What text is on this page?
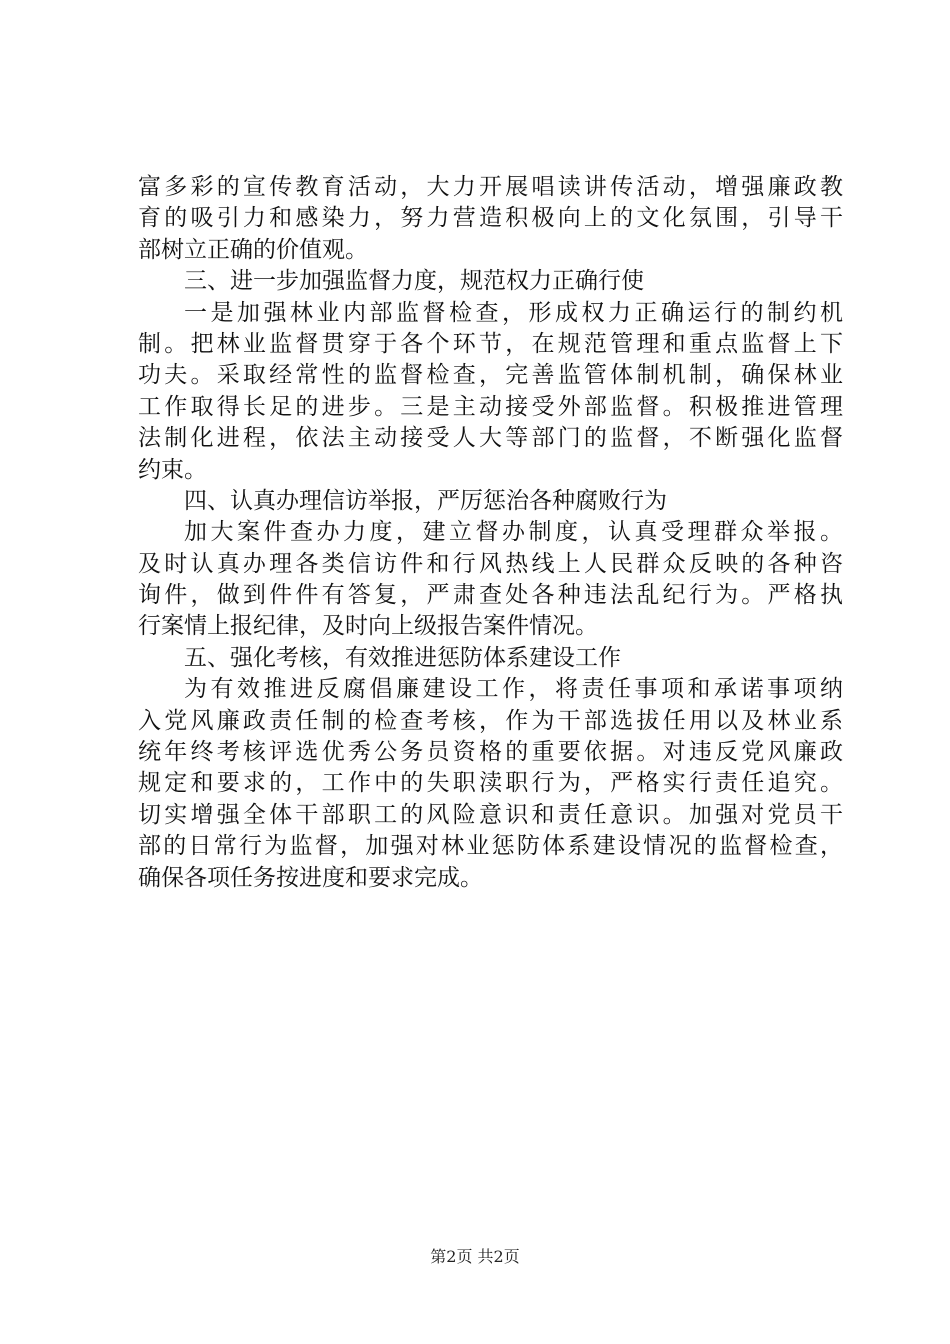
富多彩的宣传教育活动，大力开展唱读讲传活动，增强廉政教
育的吸引力和感染力，努力营造积极向上的文化氛围，引导干
部树立正确的价值观。
三、进一步加强监督力度，规范权力正确行使
一是加强林业内部监督检查，形成权力正确运行的制约机
制。把林业监督贯穿于各个环节，在规范管理和重点监督上下
功夫。采取经常性的监督检查，完善监管体制机制，确保林业
工作取得长足的进步。三是主动接受外部监督。积极推进管理
法制化进程，依法主动接受人大等部门的监督，不断强化监督
约束。
四、认真办理信访举报，严厉惩治各种腐败行为
加大案件查办力度，建立督办制度，认真受理群众举报。
及时认真办理各类信访件和行风热线上人民群众反映的各种咨
询件，做到件件有答复，严肃查处各种违法乱纪行为。严格执
行案情上报纪律，及时向上级报告案件情况。
五、强化考核，有效推进惩防体系建设工作
为有效推进反腐倡廉建设工作，将责任事项和承诺事项纳
入党风廉政责任制的检查考核，作为干部选拔任用以及林业系
统年终考核评选优秀公务员资格的重要依据。对违反党风廉政
规定和要求的，工作中的失职渎职行为，严格实行责任追究。
切实增强全体干部职工的风险意识和责任意识。加强对党员干
部的日常行为监督，加强对林业惩防体系建设情况的监督检查，
确保各项任务按进度和要求完成。
第2页 共2页
